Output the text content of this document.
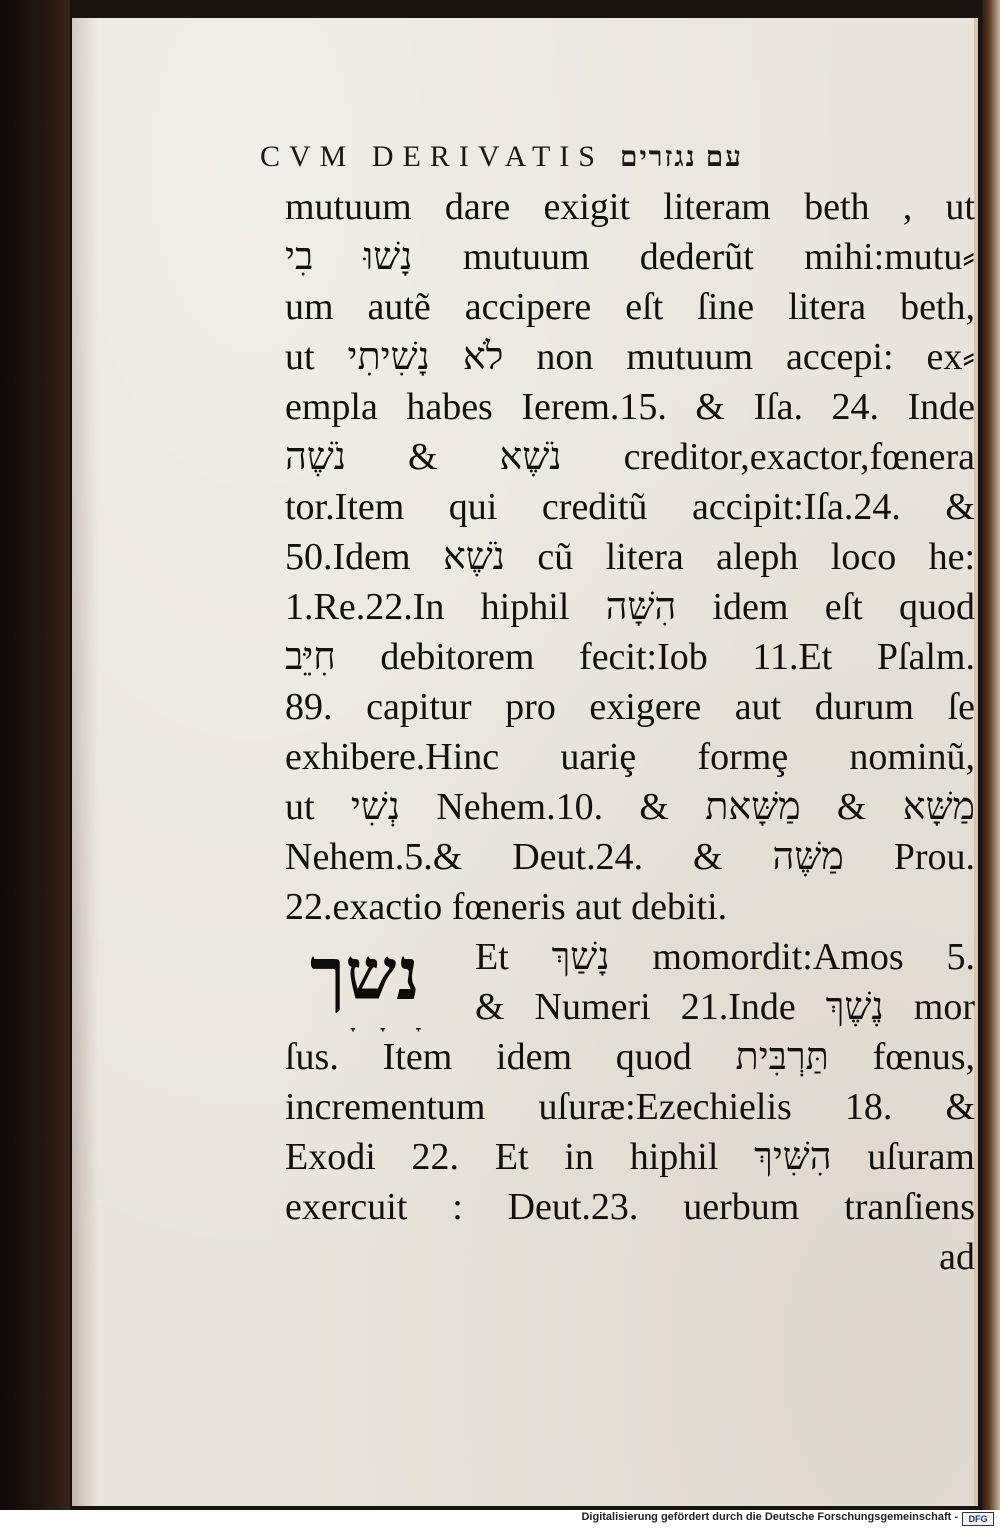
CVM DERIVATIS עם נגזרים
mutuum dare exigit literam beth , ut
נָשׁוּ בִי mutuum dederũt mihi:mutu⸗
um autẽ accipere eſt ſine litera beth,
ut לֹא נָשִׁיתִי non mutuum accepi: ex⸗
empla habes Ierem.15. & Iſa. 24. Inde
נֹשֶׁא & נֹשֶׁה creditor,exactor,fœnera
tor.Item qui creditũ accipit:Iſa.24. &
50.Idem נֹשֶׁא cũ litera aleph loco he:
1.Re.22.In hiphil הִשָּׁה idem eſt quod
חִיֵּב debitorem fecit:Iob 11.Et Pſalm.
89. capitur pro exigere aut durum ſe
exhibere.Hinc uariȩ formȩ nominũ,
ut נְשִׁי Nehem.10. & מַשָּׁא & מַשָּׁאת
Nehem.5.& Deut.24. & מַשֶּׁה Prou.
22.exactio fœneris aut debiti.
Et נָשַׁךְ momordit:Amos 5.
& Numeri 21.Inde נֶשֶׁךְ mor
ſus. Item idem quod תַּרְבִּית fœnus,
incrementum uſuræ:Ezechielis 18. &
Exodi 22. Et in hiphil הִשִּׁיךְ uſuram
exercuit : Deut.23. uerbum tranſiens
ad
נשך
ׇ ׇ ׇ
Digitalisierung gefördert durch die Deutsche Forschungsgemeinschaft -	DFG
